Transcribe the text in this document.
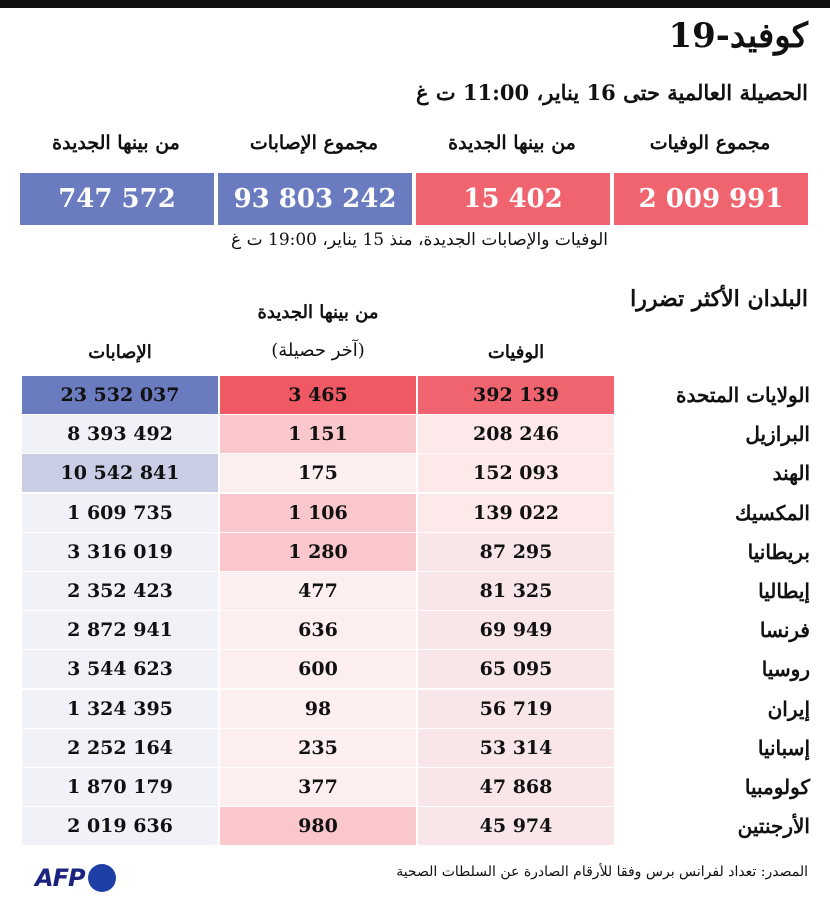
كوفيد-19
الحصيلة العالمية حتى 16 يناير، 11:00 ت غ
مجموع الوفيات
من بينها الجديدة
مجموع الإصابات
من بينها الجديدة
2 009 991
15 402
93 803 242
747 572
الوفيات والإصابات الجديدة، منذ 15 يناير، 19:00 ت غ
البلدان الأكثر تضررا
الوفيات
من بينها الجديدة
(آخر حصيلة)
الإصابات
الولايات المتحدة
392 139
3 465
23 532 037
البرازيل
208 246
1 151
8 393 492
الهند
152 093
175
10 542 841
المكسيك
139 022
1 106
1 609 735
بريطانيا
87 295
1 280
3 316 019
إيطاليا
81 325
477
2 352 423
فرنسا
69 949
636
2 872 941
روسيا
65 095
600
3 544 623
إيران
56 719
98
1 324 395
إسبانيا
53 314
235
2 252 164
كولومبيا
47 868
377
1 870 179
الأرجنتين
45 974
980
2 019 636
المصدر: تعداد لفرانس برس وفقا للأرقام الصادرة عن السلطات الصحية
AFP
